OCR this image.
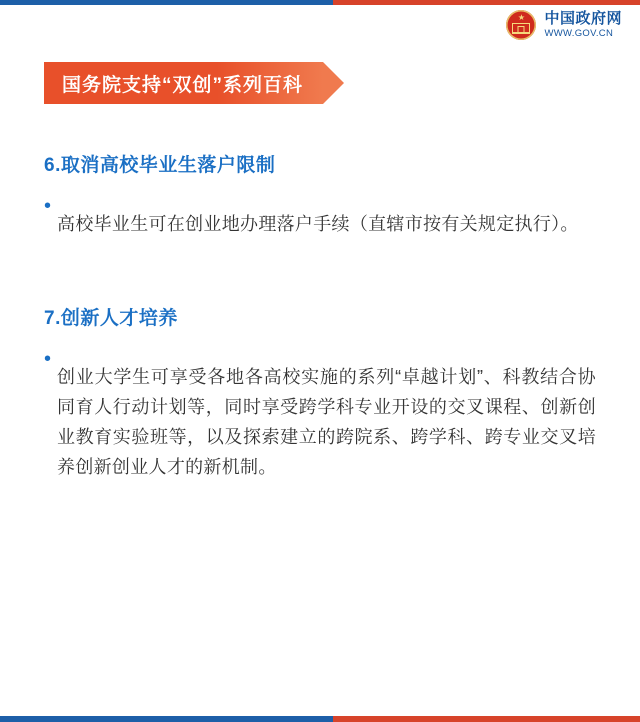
★ 中国政府网
WWW.GOV.CN
国务院支持“双创”系列百科
6.取消高校毕业生落户限制
•

高校毕业生可在创业地办理落户手续（直辖市按有关规定执行）。

7.创新人才培养
•

创业大学生可享受各地各高校实施的系列“卓越计划”、科教结合协同育人行动计划等，同时享受跨学科专业开设的交叉课程、创新创业教育实验班等，以及探索建立的跨院系、跨学科、跨专业交叉培养创新创业人才的新机制。
